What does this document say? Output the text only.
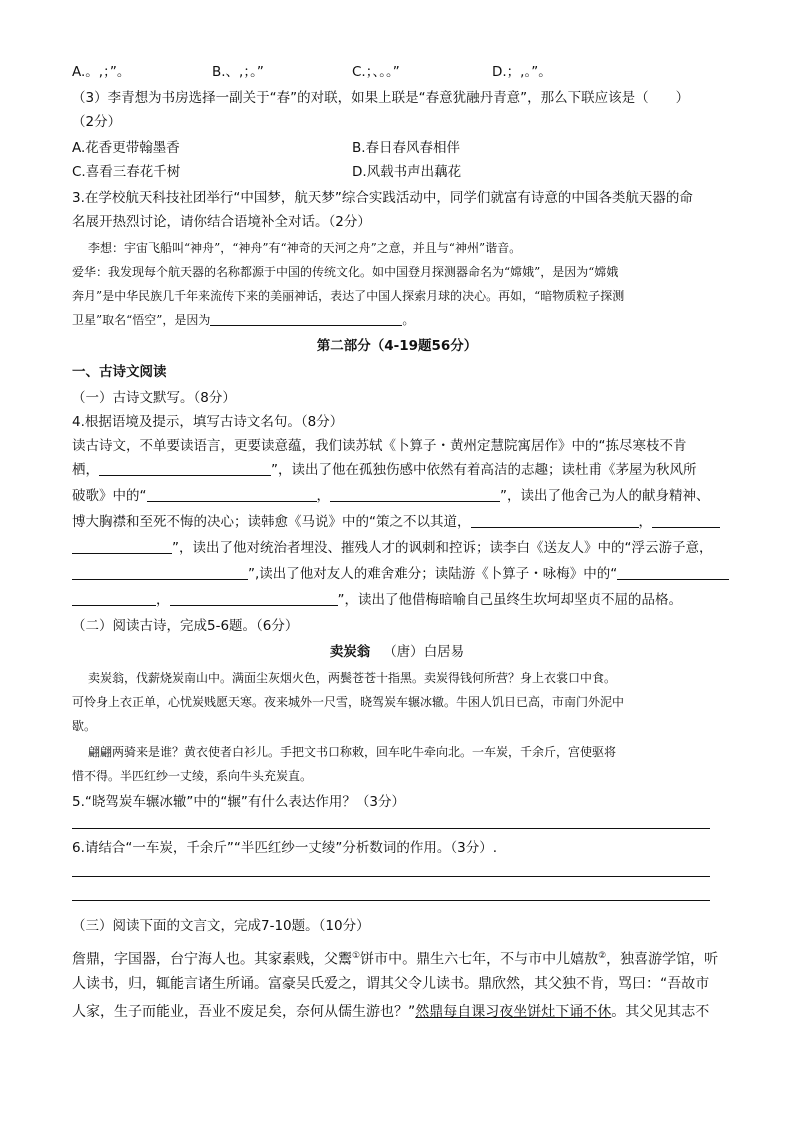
A.。,；”。	B.、,；。”	C.；、。。”	D.；,。”。
（3）李青想为书房选择一副关于“春”的对联，如果上联是“春意犹融丹青意”，那么下联应该是（　　）
（2分）
A.花香更带翰墨香	B.春日春风春相伴
C.喜看三春花千树	D.风载书声出藕花
3.在学校航天科技社团举行“中国梦，航天梦”综合实践活动中，同学们就富有诗意的中国各类航天器的命
名展开热烈讨论，请你结合语境补全对话。（2分）
李想：宇宙飞船叫“神舟”，“神舟”有“神奇的天河之舟”之意，并且与“神州”谐音。
爱华：我发现每个航天器的名称都源于中国的传统文化。如中国登月探测器命名为“嫦娥”，是因为“嫦娥
奔月”是中华民族几千年来流传下来的美丽神话，表达了中国人探索月球的决心。再如，“暗物质粒子探测
卫星”取名“悟空”，是因为	。
第二部分（4-19题56分）
一、古诗文阅读
（一）古诗文默写。（8分）
4.根据语境及提示，填写古诗文名句。（8分）
读古诗文，不单要读语言，更要读意蕴，我们读苏轼《卜算子・黄州定慧院寓居作》中的“拣尽寒枝不肯
栖，	”，读出了他在孤独伤感中依然有着高洁的志趣；读杜甫《茅屋为秋风所
破歌》中的“	，	”，读出了他舍己为人的献身精神、
博大胸襟和至死不悔的决心；读韩愈《马说》中的“策之不以其道，	，
”，读出了他对统治者埋没、摧残人才的讽刺和控诉；读李白《送友人》中的“浮云游子意，
”,读出了他对友人的难舍难分；读陆游《卜算子・咏梅》中的“
，	”，读出了他借梅暗喻自己虽终生坎坷却坚贞不屈的品格。
（二）阅读古诗，完成5-6题。（6分）
卖炭翁 （唐）白居易
卖炭翁，伐薪烧炭南山中。满面尘灰烟火色，两鬓苍苍十指黑。卖炭得钱何所营？身上衣裳口中食。
可怜身上衣正单，心忧炭贱愿天寒。夜来城外一尺雪，晓驾炭车辗冰辙。牛困人饥日已高，市南门外泥中
歇。
翩翩两骑来是谁？黄衣使者白衫儿。手把文书口称敕，回车叱牛牵向北。一车炭，千余斤，宫使驱将
惜不得。半匹红纱一丈绫，系向牛头充炭直。
5.“晓驾炭车辗冰辙”中的“辗”有什么表达作用？（3分）
6.请结合“一车炭，千余斤”“半匹红纱一丈绫”分析数词的作用。（3分）.
（三）阅读下面的文言文，完成7-10题。（10分）
詹鼎，字国器，台宁海人也。其家素贱，父鬻①饼市中。鼎生六七年，不与市中儿嬉敖②，独喜游学馆，听
人读书，归，辄能言诸生所诵。富豪吴氏爱之，谓其父令儿读书。鼎欣然，其父独不肯，骂曰：“吾故市
人家，生子而能业，吾业不废足矣，奈何从儒生游也？”然鼎每自课习夜坐饼灶下诵不休。其父见其志不
